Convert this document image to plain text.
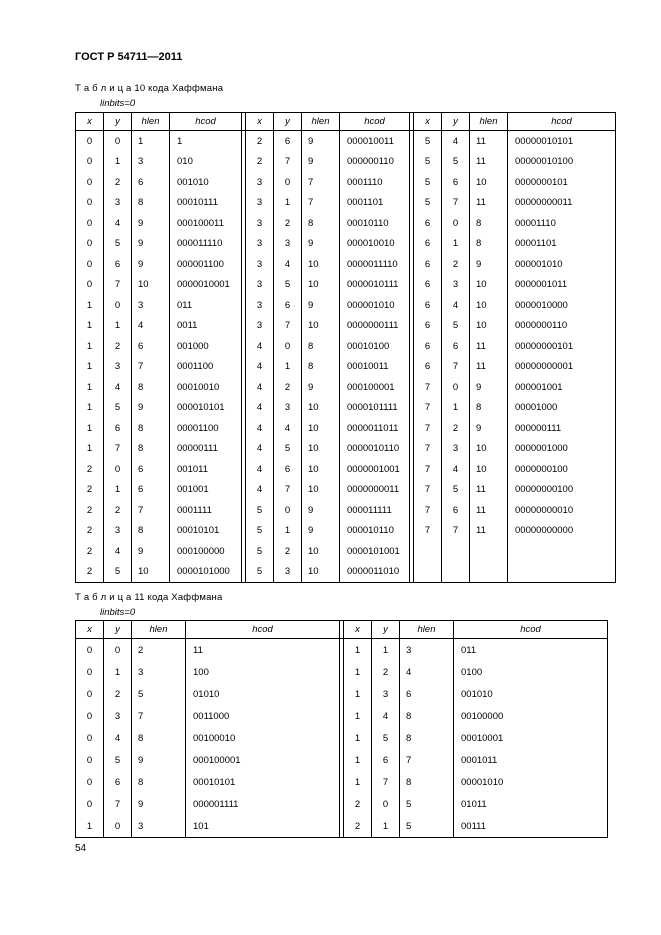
ГОСТ Р 54711—2011
Т а б л и ц а 10 кода Хаффмана
linbits=0
x	y	hlen	hcod		x	y	hlen	hcod		x	y	hlen	hcod
0	0	1	1		2	6	9	000010011		5	4	11	00000010101
0	1	3	010		2	7	9	000000110		5	5	11	00000010100
0	2	6	001010		3	0	7	0001110		5	6	10	0000000101
0	3	8	00010111		3	1	7	0001101		5	7	11	00000000011
0	4	9	000100011		3	2	8	00010110		6	0	8	00001110
0	5	9	000011110		3	3	9	000010010		6	1	8	00001101
0	6	9	000001100		3	4	10	0000011110		6	2	9	000001010
0	7	10	0000010001		3	5	10	0000010111		6	3	10	0000001011
1	0	3	011		3	6	9	000001010		6	4	10	0000010000
1	1	4	0011		3	7	10	0000000111		6	5	10	0000000110
1	2	6	001000		4	0	8	00010100		6	6	11	00000000101
1	3	7	0001100		4	1	8	00010011		6	7	11	00000000001
1	4	8	00010010		4	2	9	000100001		7	0	9	000001001
1	5	9	000010101		4	3	10	0000101111		7	1	8	00001000
1	6	8	00001100		4	4	10	0000011011		7	2	9	000000111
1	7	8	00000111		4	5	10	0000010110		7	3	10	0000001000
2	0	6	001011		4	6	10	0000001001		7	4	10	0000000100
2	1	6	001001		4	7	10	0000000011		7	5	11	00000000100
2	2	7	0001111		5	0	9	000011111		7	6	11	00000000010
2	3	8	00010101		5	1	9	000010110		7	7	11	00000000000
2	4	9	000100000		5	2	10	0000101001					
2	5	10	0000101000		5	3	10	0000011010					
Т а б л и ц а 11 кода Хаффмана
linbits=0
x	y	hlen	hcod		x	y	hlen	hcod
0	0	2	11		1	1	3	011
0	1	3	100		1	2	4	0100
0	2	5	01010		1	3	6	001010
0	3	7	0011000		1	4	8	00100000
0	4	8	00100010		1	5	8	00010001
0	5	9	000100001		1	6	7	0001011
0	6	8	00010101		1	7	8	00001010
0	7	9	000001111		2	0	5	01011
1	0	3	101		2	1	5	00111
54
